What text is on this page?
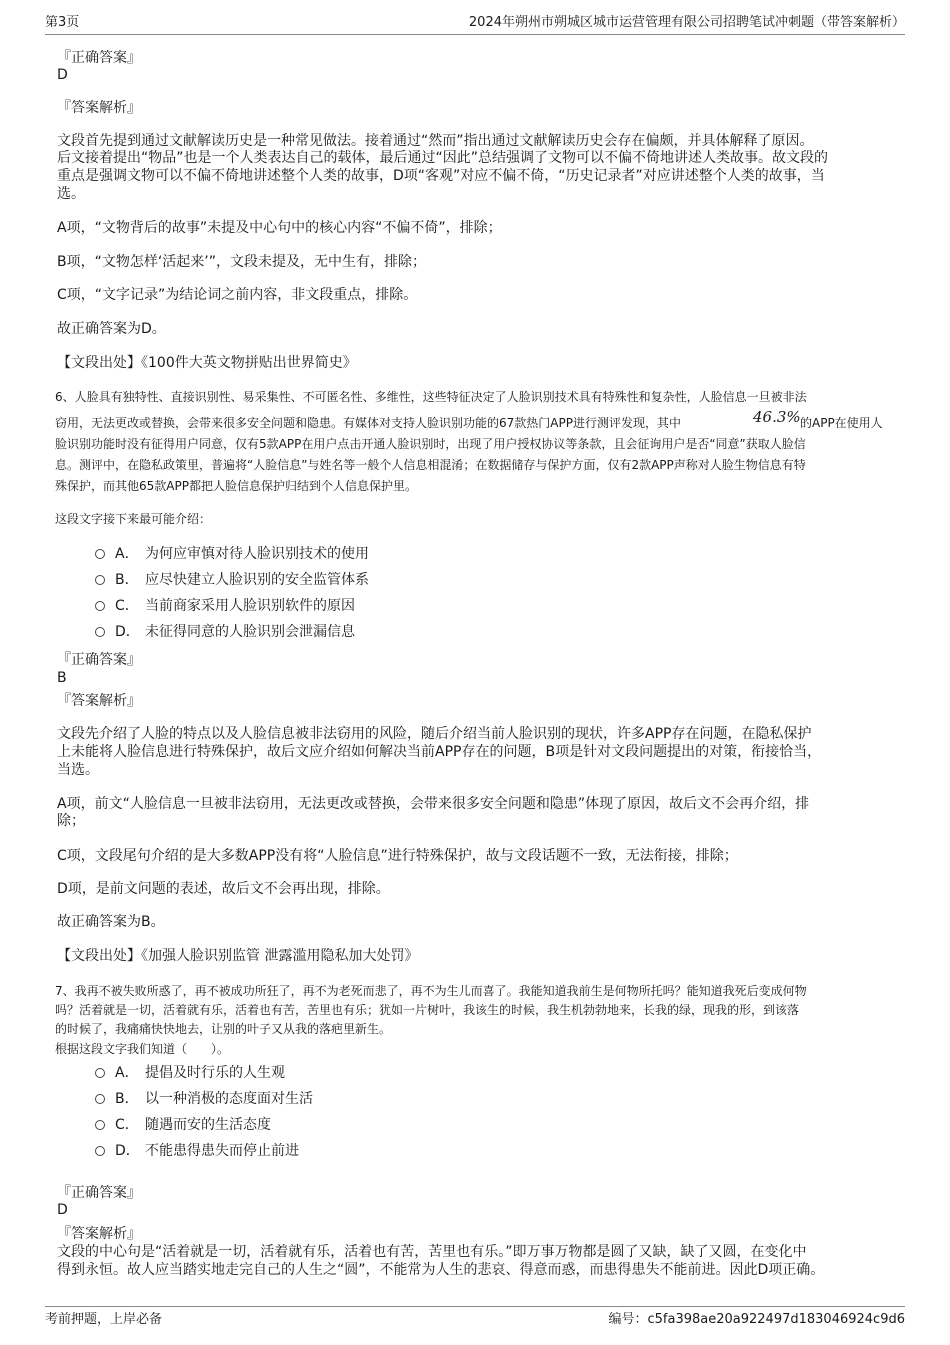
第3页	2024年朔州市朔城区城市运营管理有限公司招聘笔试冲刺题（带答案解析）
『正确答案』
D
『答案解析』
文段首先提到通过文献解读历史是一种常见做法。接着通过“然而”指出通过文献解读历史会存在偏颇，并具体解释了原因。
后文接着提出“物品”也是一个人类表达自己的载体，最后通过“因此”总结强调了文物可以不偏不倚地讲述人类故事。故文段的
重点是强调文物可以不偏不倚地讲述整个人类的故事，D项“客观”对应不偏不倚，“历史记录者”对应讲述整个人类的故事，当
选。
A项，“文物背后的故事”未提及中心句中的核心内容“不偏不倚”，排除；
B项，“文物怎样‘活起来’”，文段未提及，无中生有，排除；
C项，“文字记录”为结论词之前内容，非文段重点，排除。
故正确答案为D。
【文段出处】《100件大英文物拼贴出世界简史》
6、人脸具有独特性、直接识别性、易采集性、不可匿名性、多维性，这些特征决定了人脸识别技术具有特殊性和复杂性，人脸信息一旦被非法
窃用，无法更改或替换，会带来很多安全问题和隐患。有媒体对支持人脸识别功能的67款热门APP进行测评发现，其中	46.3% 的APP在使用人
脸识别功能时没有征得用户同意，仅有5款APP在用户点击开通人脸识别时，出现了用户授权协议等条款，且会征询用户是否“同意”获取人脸信
息。测评中，在隐私政策里，普遍将“人脸信息”与姓名等一般个人信息相混淆；在数据储存与保护方面，仅有2款APP声称对人脸生物信息有特
殊保护，而其他65款APP都把人脸信息保护归结到个人信息保护里。
这段文字接下来最可能介绍：
A． 为何应审慎对待人脸识别技术的使用
B． 应尽快建立人脸识别的安全监管体系
C． 当前商家采用人脸识别软件的原因
D． 未征得同意的人脸识别会泄漏信息
『正确答案』
B
『答案解析』
文段先介绍了人脸的特点以及人脸信息被非法窃用的风险，随后介绍当前人脸识别的现状，许多APP存在问题，在隐私保护
上未能将人脸信息进行特殊保护，故后文应介绍如何解决当前APP存在的问题，B项是针对文段问题提出的对策，衔接恰当，
当选。
A项，前文“人脸信息一旦被非法窃用，无法更改或替换，会带来很多安全问题和隐患”体现了原因，故后文不会再介绍，排
除；
C项，文段尾句介绍的是大多数APP没有将“人脸信息”进行特殊保护，故与文段话题不一致，无法衔接，排除；
D项，是前文问题的表述，故后文不会再出现，排除。
故正确答案为B。
【文段出处】《加强人脸识别监管 泄露滥用隐私加大处罚》
7、我再不被失败所惑了，再不被成功所狂了，再不为老死而悲了，再不为生儿而喜了。我能知道我前生是何物所托吗？能知道我死后变成何物
吗？活着就是一切，活着就有乐，活着也有苦，苦里也有乐；犹如一片树叶，我该生的时候，我生机勃勃地来，长我的绿，现我的形，到该落
的时候了，我痛痛快快地去，让别的叶子又从我的落疤里新生。
根据这段文字我们知道（　　）。
A． 提倡及时行乐的人生观
B． 以一种消极的态度面对生活
C． 随遇而安的生活态度
D． 不能患得患失而停止前进
『正确答案』
D
『答案解析』
文段的中心句是“活着就是一切，活着就有乐，活着也有苦，苦里也有乐。”即万事万物都是圆了又缺，缺了又圆，在变化中
得到永恒。故人应当踏实地走完自己的人生之“圆”，不能常为人生的悲哀、得意而惑，而患得患失不能前进。因此D项正确。
考前押题，上岸必备	编号：c5fa398ae20a922497d183046924c9d6
